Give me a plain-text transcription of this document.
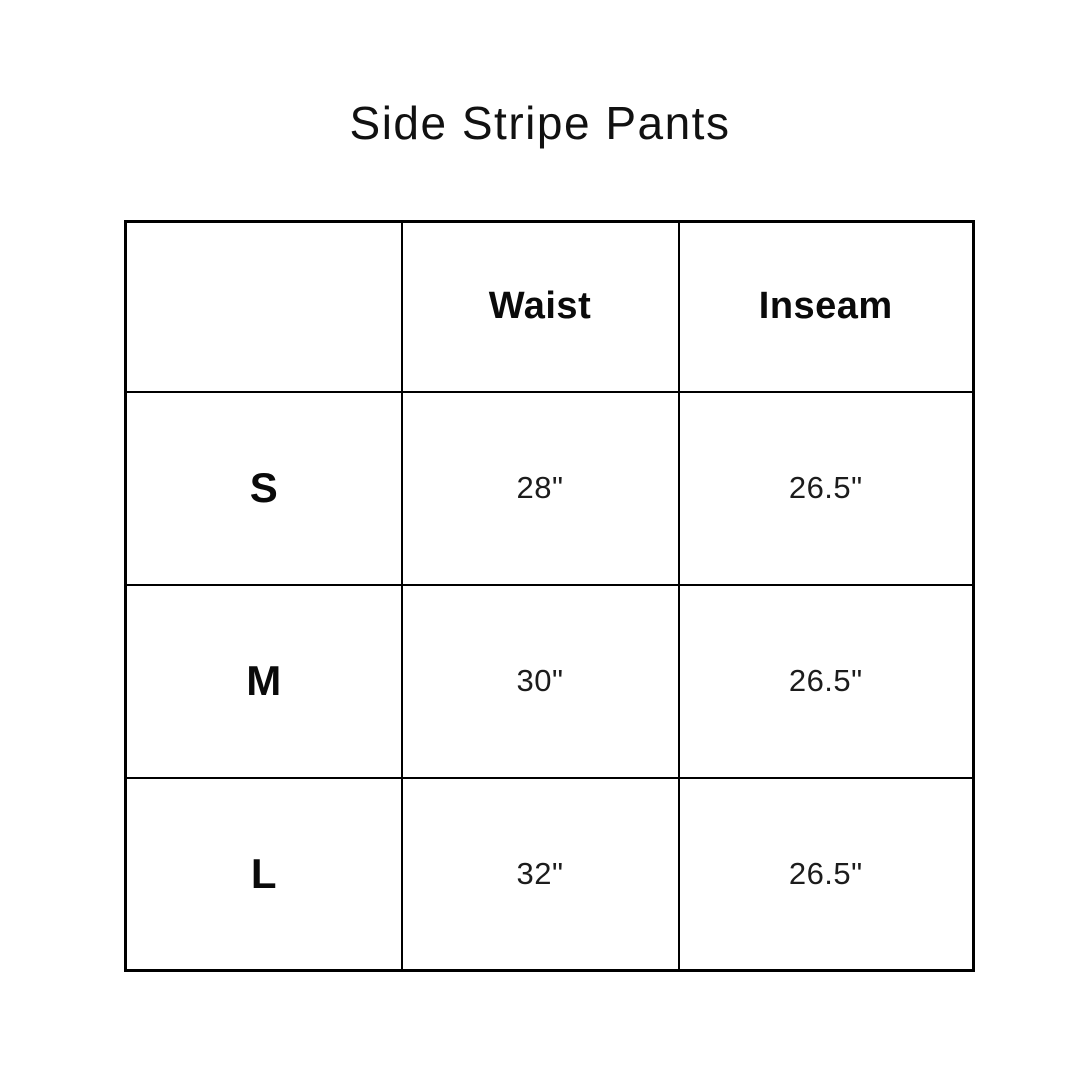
Side Stripe Pants
	Waist	Inseam
S	28"	26.5"
M	30"	26.5"
L	32"	26.5"
